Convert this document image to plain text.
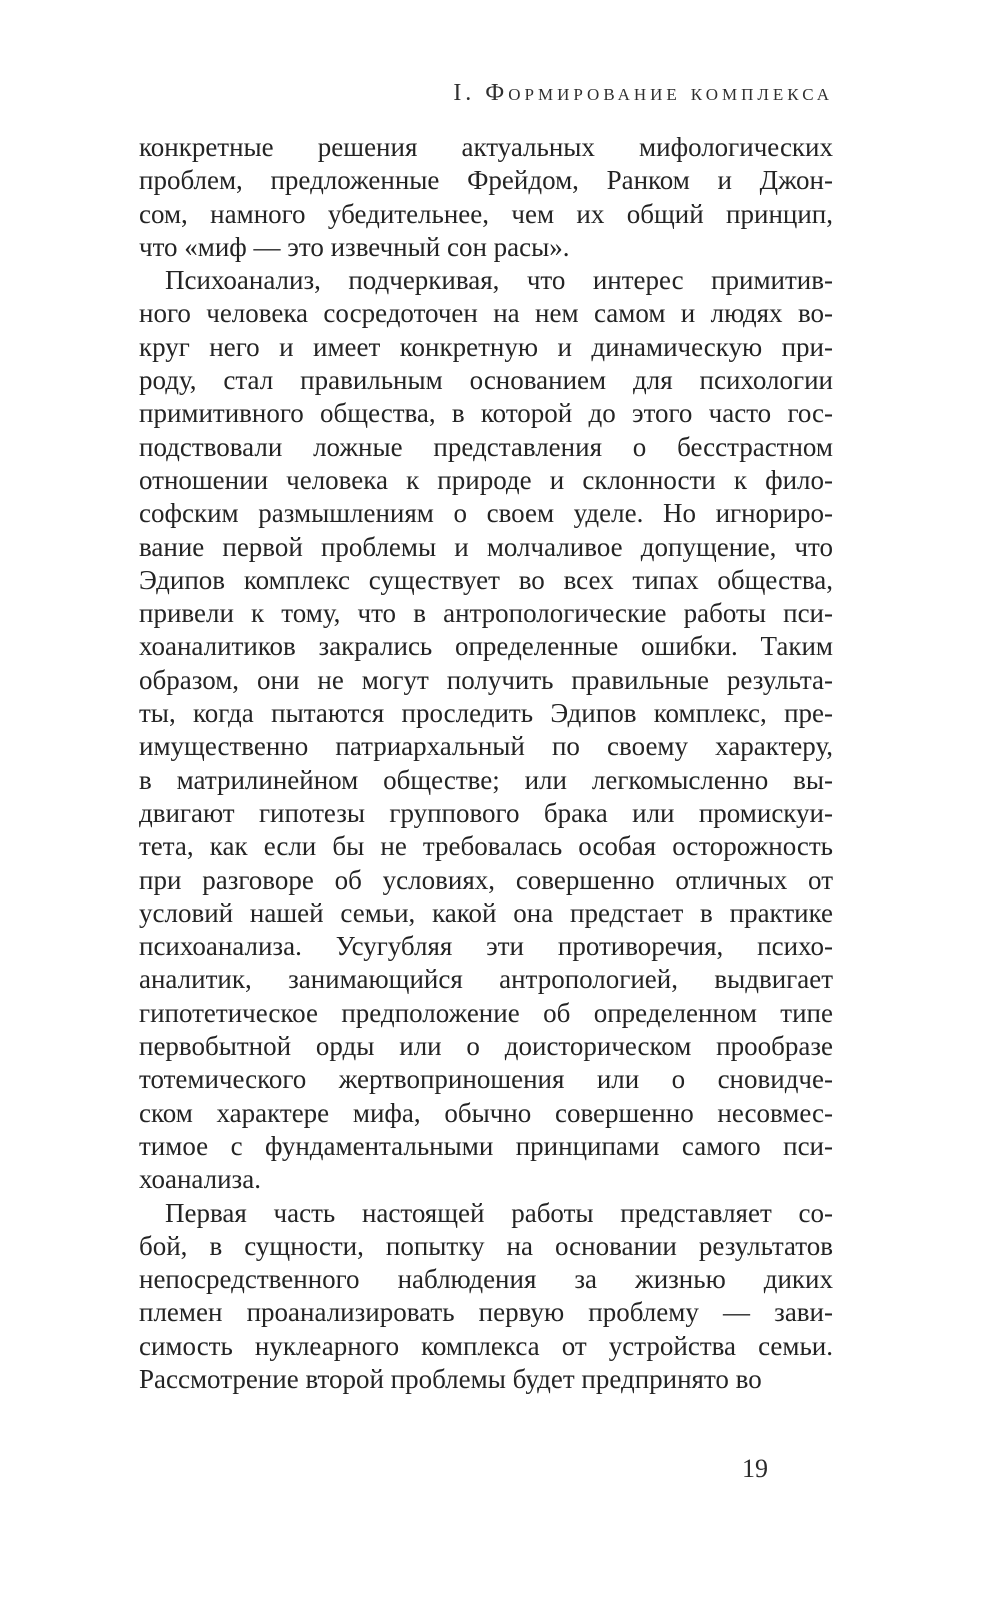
I. Формирование комплекса

конкретные решения актуальных мифологических
проблем, предложенные Фрейдом, Ранком и Джон-
сом, намного убедительнее, чем их общий принцип,
что «миф — это извечный сон расы».

Психоанализ, подчеркивая, что интерес примитив-
ного человека сосредоточен на нем самом и людях во-
круг него и имеет конкретную и динамическую при-
роду, стал правильным основанием для психологии
примитивного общества, в которой до этого часто гос-
подствовали ложные представления о бесстрастном
отношении человека к природе и склонности к фило-
софским размышлениям о своем уделе. Но игнориро-
вание первой проблемы и молчаливое допущение, что
Эдипов комплекс существует во всех типах общества,
привели к тому, что в антропологические работы пси-
хоаналитиков закрались определенные ошибки. Таким
образом, они не могут получить правильные результа-
ты, когда пытаются проследить Эдипов комплекс, пре-
имущественно патриархальный по своему характеру,
в матрилинейном обществе; или легкомысленно вы-
двигают гипотезы группового брака или промискуи-
тета, как если бы не требовалась особая осторожность
при разговоре об условиях, совершенно отличных от
условий нашей семьи, какой она предстает в практике
психоанализа. Усугубляя эти противоречия, психо-
аналитик, занимающийся антропологией, выдвигает
гипотетическое предположение об определенном типе
первобытной орды или о доисторическом прообразе
тотемического жертвоприношения или о сновидче-
ском характере мифа, обычно совершенно несовмес-
тимое с фундаментальными принципами самого пси-
хоанализа.

Первая часть настоящей работы представляет со-
бой, в сущности, попытку на основании результатов
непосредственного наблюдения за жизнью диких
племен проанализировать первую проблему — зави-
симость нуклеарного комплекса от устройства семьи.
Рассмотрение второй проблемы будет предпринято во

19
